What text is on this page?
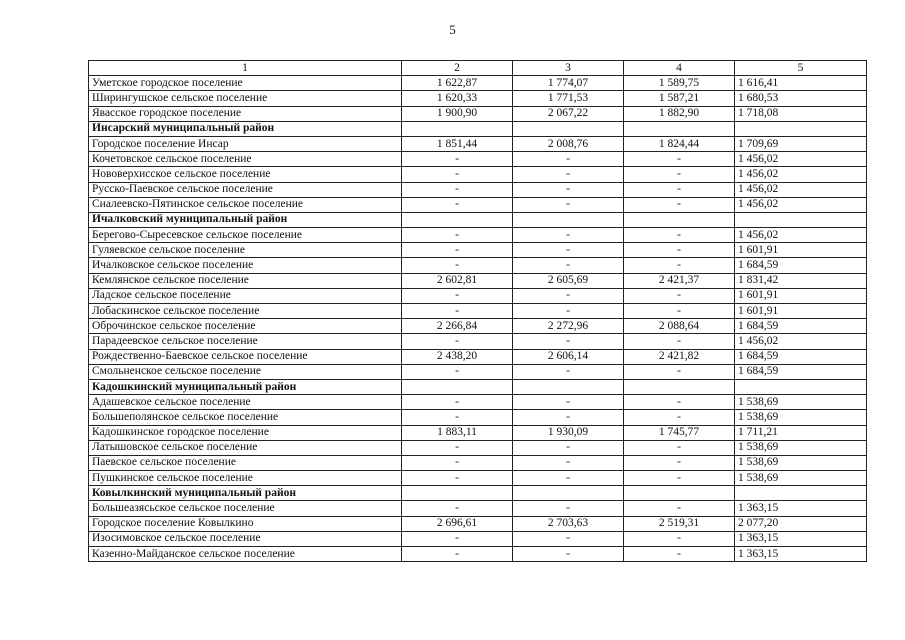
5
1	2	3	4	5
Уметское городское поселение	1 622,87	1 774,07	1 589,75	1 616,41
Ширингушское сельское поселение	1 620,33	1 771,53	1 587,21	1 680,53
Явасское городское поселение	1 900,90	2 067,22	1 882,90	1 718,08
Инсарский муниципальный район				
Городское поселение Инсар	1 851,44	2 008,76	1 824,44	1 709,69
Кочетовское сельское поселение	-	-	-	1 456,02
Нововерхисское сельское поселение	-	-	-	1 456,02
Русско-Паевское сельское поселение	-	-	-	1 456,02
Сиалеевско-Пятинское сельское поселение	-	-	-	1 456,02
Ичалковский муниципальный район				
Берегово-Сыресевское сельское поселение	-	-	-	1 456,02
Гуляевское сельское поселение	-	-	-	1 601,91
Ичалковское сельское поселение	-	-	-	1 684,59
Кемлянское сельское поселение	2 602,81	2 605,69	2 421,37	1 831,42
Ладское сельское поселение	-	-	-	1 601,91
Лобаскинское сельское поселение	-	-	-	1 601,91
Оброчинское сельское поселение	2 266,84	2 272,96	2 088,64	1 684,59
Парадеевское сельское поселение	-	-	-	1 456,02
Рождественно-Баевское сельское поселение	2 438,20	2 606,14	2 421,82	1 684,59
Смольненское сельское поселение	-	-	-	1 684,59
Кадошкинский муниципальный район				
Адашевское сельское поселение	-	-	-	1 538,69
Большеполянское сельское поселение	-	-	-	1 538,69
Кадошкинское городское поселение	1 883,11	1 930,09	1 745,77	1 711,21
Латышовское сельское поселение	-	-	-	1 538,69
Паевское сельское поселение	-	-	-	1 538,69
Пушкинское сельское поселение	-	-	-	1 538,69
Ковылкинский муниципальный район				
Большеазясьское сельское поселение	-	-	-	1 363,15
Городское поселение Ковылкино	2 696,61	2 703,63	2 519,31	2 077,20
Изосимовское сельское поселение	-	-	-	1 363,15
Казенно-Майданское сельское поселение	-	-	-	1 363,15
